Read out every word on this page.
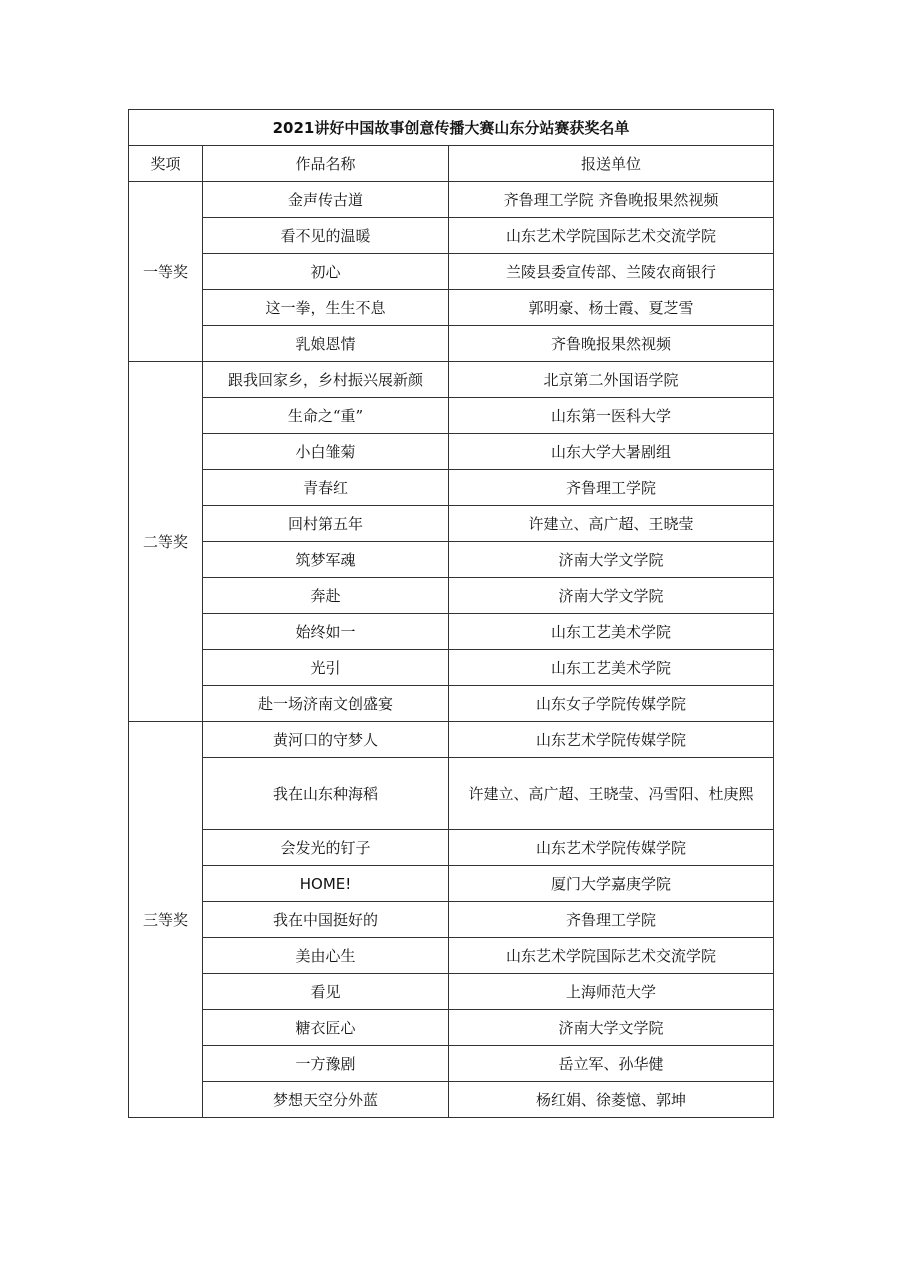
2021讲好中国故事创意传播大赛山东分站赛获奖名单		
奖项	作品名称	报送单位
一等奖	金声传古道	齐鲁理工学院 齐鲁晚报果然视频
	看不见的温暖	山东艺术学院国际艺术交流学院
	初心	兰陵县委宣传部、兰陵农商银行
	这一拳，生生不息	郭明豪、杨士霞、夏芝雪
	乳娘恩情	齐鲁晚报果然视频
二等奖	跟我回家乡，乡村振兴展新颜	北京第二外国语学院
	生命之“重”	山东第一医科大学
	小白雏菊	山东大学大暑剧组
	青春红	齐鲁理工学院
	回村第五年	许建立、高广超、王晓莹
	筑梦军魂	济南大学文学院
	奔赴	济南大学文学院
	始终如一	山东工艺美术学院
	光引	山东工艺美术学院
	赴一场济南文创盛宴	山东女子学院传媒学院
三等奖	黄河口的守梦人	山东艺术学院传媒学院
	我在山东种海稻	许建立、高广超、王晓莹、冯雪阳、杜庚熙
	会发光的钉子	山东艺术学院传媒学院
	HOME!	厦门大学嘉庚学院
	我在中国挺好的	齐鲁理工学院
	美由心生	山东艺术学院国际艺术交流学院
	看见	上海师范大学
	糖衣匠心	济南大学文学院
	一方豫剧	岳立军、孙华健
	梦想天空分外蓝	杨红娟、徐菱憶、郭坤
